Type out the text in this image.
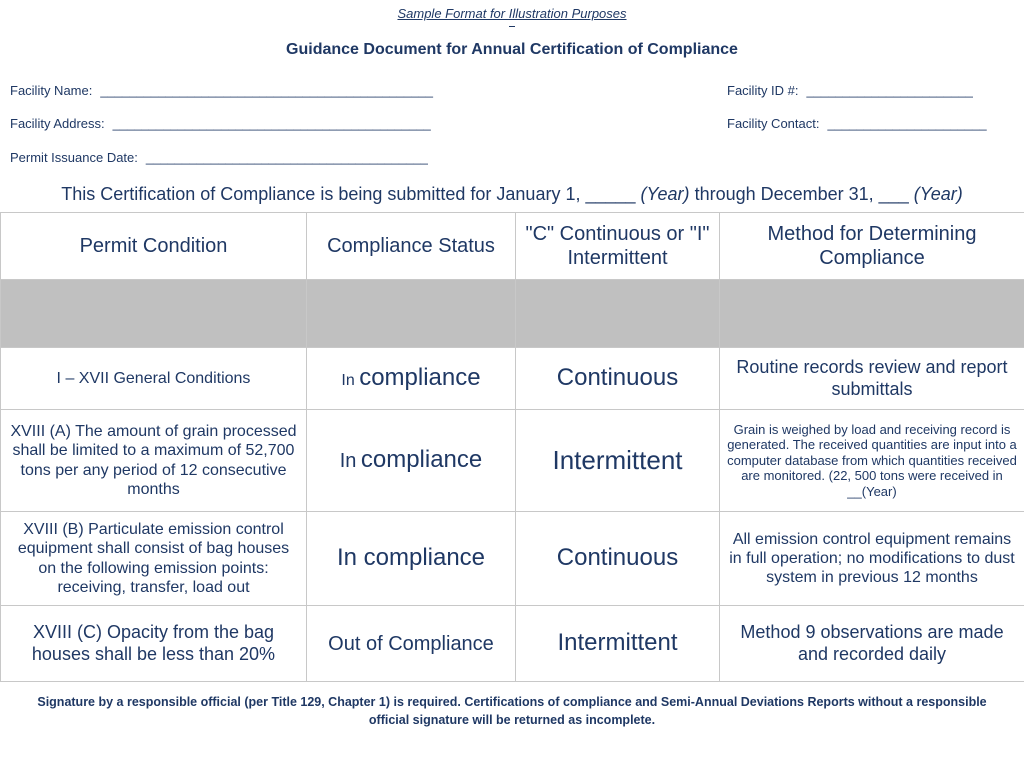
Sample Format for Illustration Purposes
Guidance Document for Annual Certification of Compliance
Facility Name: ______________________________________________	Facility ID #: _______________________
Facility Address: ____________________________________________	Facility Contact: ______________________
Permit Issuance Date: _______________________________________
This Certification of Compliance is being submitted for January 1, _____ (Year) through December 31, ___ (Year)
Permit Condition	Compliance Status	"C" Continuous or "I" Intermittent	Method for Determining Compliance

I – XVII General Conditions	In compliance	Continuous	Routine records review and report submittals
XVIII (A) The amount of grain processed shall be limited to a maximum of 52,700 tons per any period of 12 consecutive months	In compliance	Intermittent	Grain is weighed by load and receiving record is generated. The received quantities are input into a computer database from which quantities received are monitored. (22, 500 tons were received in __(Year)
XVIII (B) Particulate emission control equipment shall consist of bag houses on the following emission points: receiving, transfer, load out	In compliance	Continuous	All emission control equipment remains in full operation; no modifications to dust system in previous 12 months
XVIII (C) Opacity from the bag houses shall be less than 20%	Out of Compliance	Intermittent	Method 9 observations are made and recorded daily
Signature by a responsible official (per Title 129, Chapter 1) is required. Certifications of compliance and Semi-Annual Deviations Reports without a responsible official signature will be returned as incomplete.
